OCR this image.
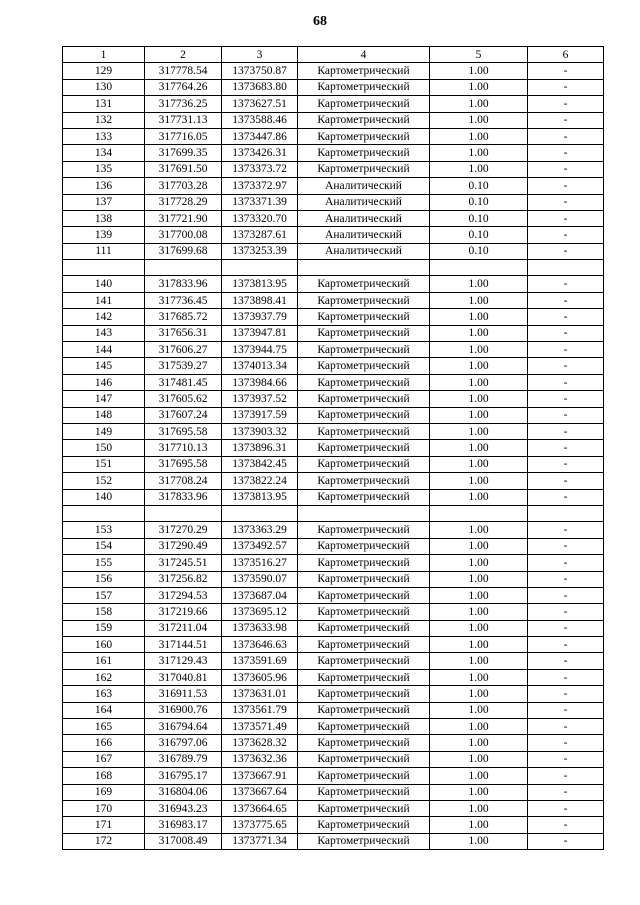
68
1	2	3	4	5	6
129	317778.54	1373750.87	Картометрический	1.00	-
130	317764.26	1373683.80	Картометрический	1.00	-
131	317736.25	1373627.51	Картометрический	1.00	-
132	317731.13	1373588.46	Картометрический	1.00	-
133	317716.05	1373447.86	Картометрический	1.00	-
134	317699.35	1373426.31	Картометрический	1.00	-
135	317691.50	1373373.72	Картометрический	1.00	-
136	317703.28	1373372.97	Аналитический	0.10	-
137	317728.29	1373371.39	Аналитический	0.10	-
138	317721.90	1373320.70	Аналитический	0.10	-
139	317700.08	1373287.61	Аналитический	0.10	-
111	317699.68	1373253.39	Аналитический	0.10	-

140	317833.96	1373813.95	Картометрический	1.00	-
141	317736.45	1373898.41	Картометрический	1.00	-
142	317685.72	1373937.79	Картометрический	1.00	-
143	317656.31	1373947.81	Картометрический	1.00	-
144	317606.27	1373944.75	Картометрический	1.00	-
145	317539.27	1374013.34	Картометрический	1.00	-
146	317481.45	1373984.66	Картометрический	1.00	-
147	317605.62	1373937.52	Картометрический	1.00	-
148	317607.24	1373917.59	Картометрический	1.00	-
149	317695.58	1373903.32	Картометрический	1.00	-
150	317710.13	1373896.31	Картометрический	1.00	-
151	317695.58	1373842.45	Картометрический	1.00	-
152	317708.24	1373822.24	Картометрический	1.00	-
140	317833.96	1373813.95	Картометрический	1.00	-

153	317270.29	1373363.29	Картометрический	1.00	-
154	317290.49	1373492.57	Картометрический	1.00	-
155	317245.51	1373516.27	Картометрический	1.00	-
156	317256.82	1373590.07	Картометрический	1.00	-
157	317294.53	1373687.04	Картометрический	1.00	-
158	317219.66	1373695.12	Картометрический	1.00	-
159	317211.04	1373633.98	Картометрический	1.00	-
160	317144.51	1373646.63	Картометрический	1.00	-
161	317129.43	1373591.69	Картометрический	1.00	-
162	317040.81	1373605.96	Картометрический	1.00	-
163	316911.53	1373631.01	Картометрический	1.00	-
164	316900.76	1373561.79	Картометрический	1.00	-
165	316794.64	1373571.49	Картометрический	1.00	-
166	316797.06	1373628.32	Картометрический	1.00	-
167	316789.79	1373632.36	Картометрический	1.00	-
168	316795.17	1373667.91	Картометрический	1.00	-
169	316804.06	1373667.64	Картометрический	1.00	-
170	316943.23	1373664.65	Картометрический	1.00	-
171	316983.17	1373775.65	Картометрический	1.00	-
172	317008.49	1373771.34	Картометрический	1.00	-
